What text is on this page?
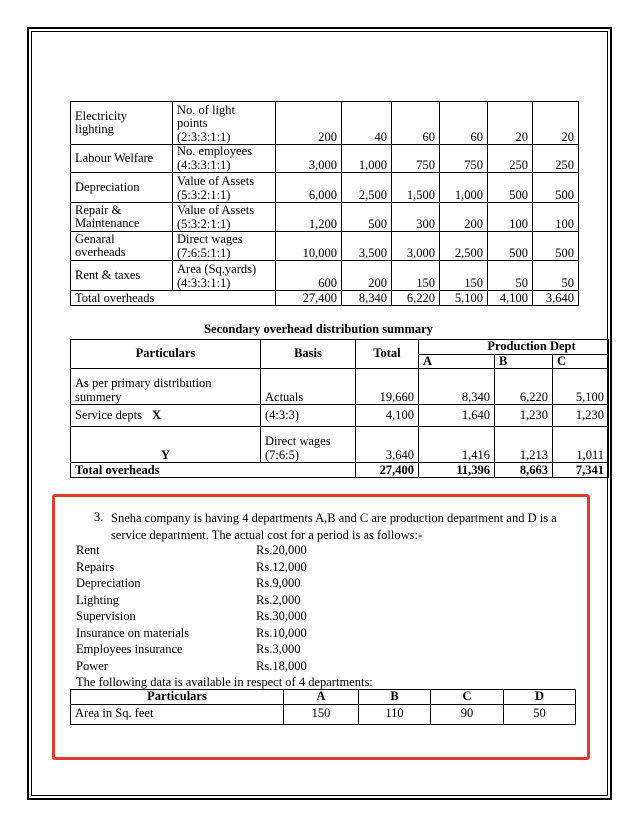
Electricity lighting	No. of light
points
(2:3:3:1:1)	200	40	60	60	20	20
Labour Welfare	No. employees
(4:3:3:1:1)	3,000	1,000	750	750	250	250
Depreciation	Value of Assets
(5:3:2:1:1)	6,000	2,500	1,500	1,000	500	500
Repair & Maintenance	Value of Assets
(5:3:2:1:1)	1,200	500	300	200	100	100
Genaral overheads	Direct wages
(7:6:5:1:1)	10,000	3,500	3,000	2,500	500	500
Rent & taxes	Area (Sq.yards)
(4:3:3:1:1)	600	200	150	150	50	50
Total overheads		27,400	8,340	6,220	5,100	4,100	3,640
Secondary overhead distribution summary
Particulars	Basis	Total	Production Dept		
			A	B	C
As per primary distribution
summery	Actuals	19,660	8,340	6,220	5,100
Service depts X	(4:3:3)	4,100	1,640	1,230	1,230
Y	Direct wages
(7:6:5)	3,640	1,416	1,213	1,011
Total overheads		27,400	11,396	8,663	7,341
3. Sneha company is having 4 departments A,B and C are production department and D is a service department. The actual cost for a period is as follows:-
Rent	Rs.20,000
Repairs	Rs.12,000
Depreciation	Rs.9,000
Lighting	Rs.2,000
Supervision	Rs.30,000
Insurance on materials	Rs.10,000
Employees insurance	Rs.3,000
Power	Rs.18,000
The following data is available in respect of 4 departments:
Particulars	A	B	C	D
Area in Sq. feet	150	110	90	50
